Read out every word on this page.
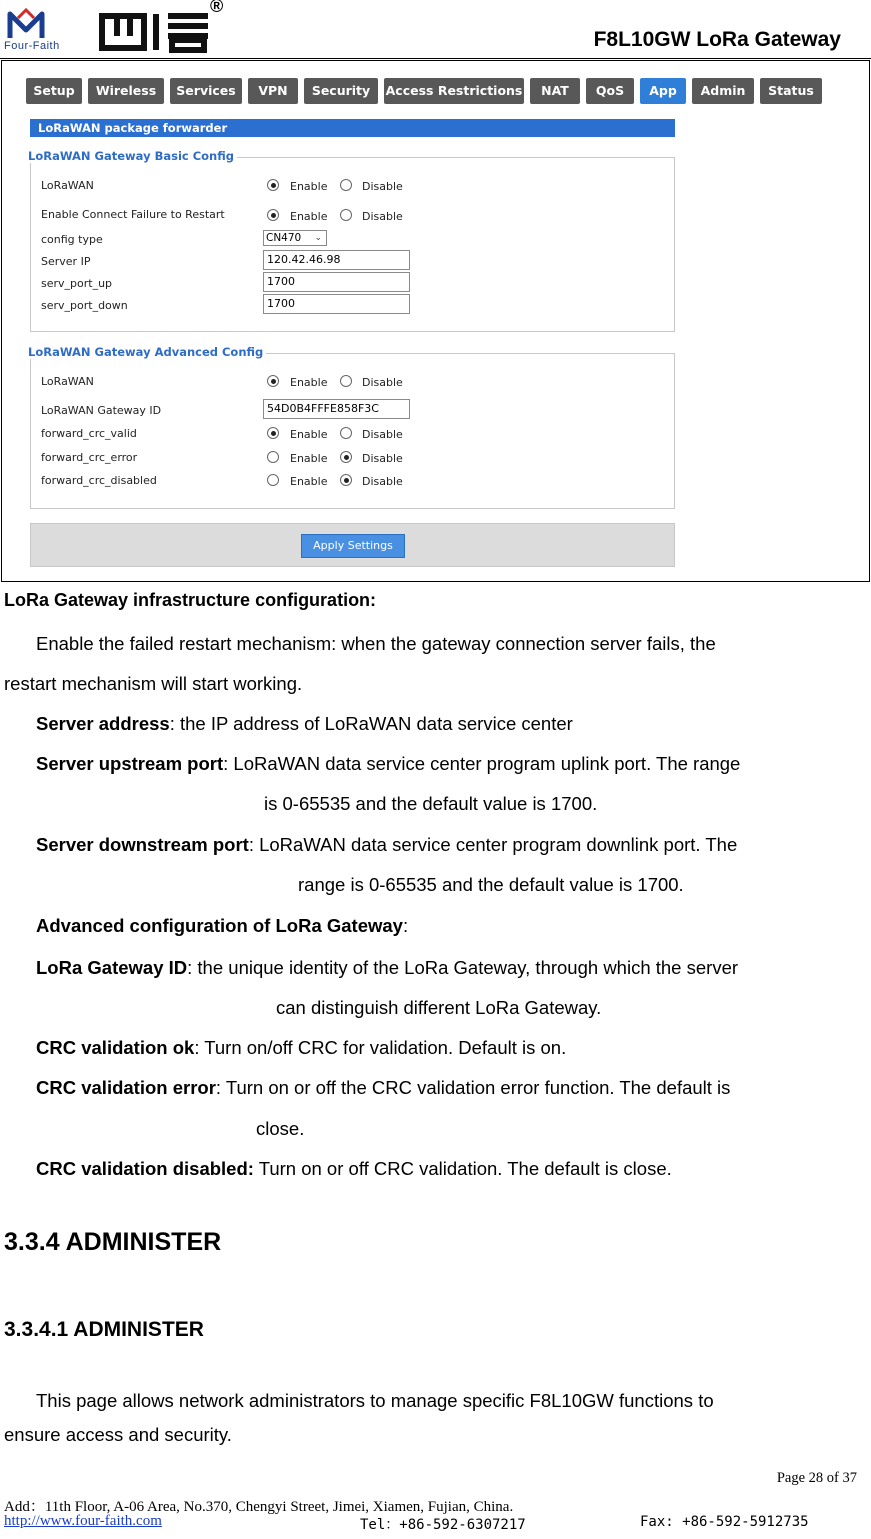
Four-Faith
®
F8L10GW LoRa Gateway
Setup	Wireless	Services	VPN	Security	Access Restrictions	NAT	QoS	App	Admin	Status
LoRaWAN package forwarder
LoRaWAN Gateway Basic Config
LoRaWAN	Enable	Disable
Enable Connect Failure to Restart	Enable	Disable
config type	CN470 ⌄
Server IP	120.42.46.98
serv_port_up	1700
serv_port_down	1700
LoRaWAN Gateway Advanced Config
LoRaWAN	Enable	Disable
LoRaWAN Gateway ID	54D0B4FFFE858F3C
forward_crc_valid	Enable	Disable
forward_crc_error	Enable	Disable
forward_crc_disabled	Enable	Disable
Apply Settings
LoRa Gateway infrastructure configuration:
Enable the failed restart mechanism: when the gateway connection server fails, the
restart mechanism will start working.
Server address: the IP address of LoRaWAN data service center
Server upstream port: LoRaWAN data service center program uplink port. The range
is 0-65535 and the default value is 1700.
Server downstream port: LoRaWAN data service center program downlink port. The
range is 0-65535 and the default value is 1700.
Advanced configuration of LoRa Gateway:
LoRa Gateway ID: the unique identity of the LoRa Gateway, through which the server
can distinguish different LoRa Gateway.
CRC validation ok: Turn on/off CRC for validation. Default is on.
CRC validation error: Turn on or off the CRC validation error function. The default is
close.
CRC validation disabled: Turn on or off CRC validation. The default is close.
3.3.4 ADMINISTER
3.3.4.1 ADMINISTER
This page allows network administrators to manage specific F8L10GW functions to
ensure access and security.
Page 28 of 37
Add：11th Floor, A-06 Area, No.370, Chengyi Street, Jimei, Xiamen, Fujian, China.
http://www.four-faith.com	Tel：+86-592-6307217	Fax: +86-592-5912735
